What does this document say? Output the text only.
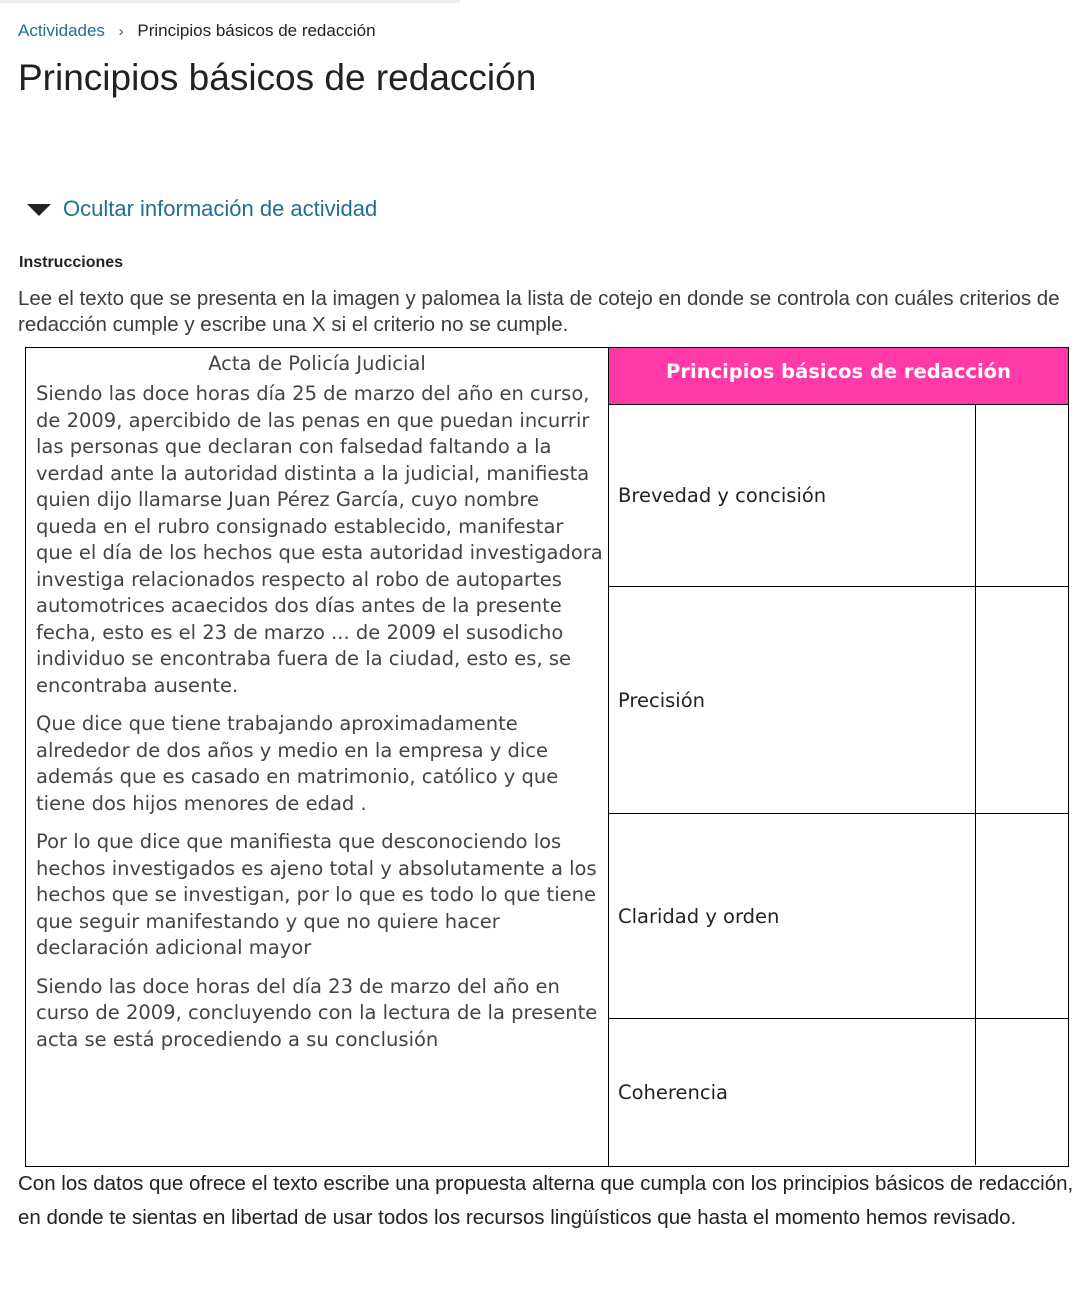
Actividades › Principios básicos de redacción
Principios básicos de redacción
Ocultar información de actividad
Instrucciones

Lee el texto que se presenta en la imagen y palomea la lista de cotejo en donde se controla con cuáles criterios de redacción cumple y escribe una X si el criterio no se cumple.

Acta de Policía Judicial

Siendo las doce horas día 25 de marzo del año en curso, de 2009, apercibido de las penas en que puedan incurrir las personas que declaran con falsedad faltando a la verdad ante la autoridad distinta a la judicial, manifiesta quien dijo llamarse Juan Pérez García, cuyo nombre queda en el rubro consignado establecido, manifestar que el día de los hechos que esta autoridad investigadora investiga relacionados respecto al robo de autopartes automotrices acaecidos dos días antes de la presente fecha, esto es el 23 de marzo ... de 2009 el susodicho individuo se encontraba fuera de la ciudad, esto es, se encontraba ausente.

Que dice que tiene trabajando aproximadamente alrededor de dos años y medio en la empresa y dice además que es casado en matrimonio, católico y que tiene dos hijos menores de edad .

Por lo que dice que manifiesta que desconociendo los hechos investigados es ajeno total y absolutamente a los hechos que se investigan, por lo que es todo lo que tiene que seguir manifestando y que no quiere hacer declaración adicional mayor

Siendo las doce horas del día 23 de marzo del año en curso de 2009, concluyendo con la lectura de la presente acta se está procediendo a su conclusión

Principios básicos de redacción
Brevedad y concisión
Precisión
Claridad y orden
Coherencia

Con los datos que ofrece el texto escribe una propuesta alterna que cumpla con los principios básicos de redacción, en donde te sientas en libertad de usar todos los recursos lingüísticos que hasta el momento hemos revisado.
